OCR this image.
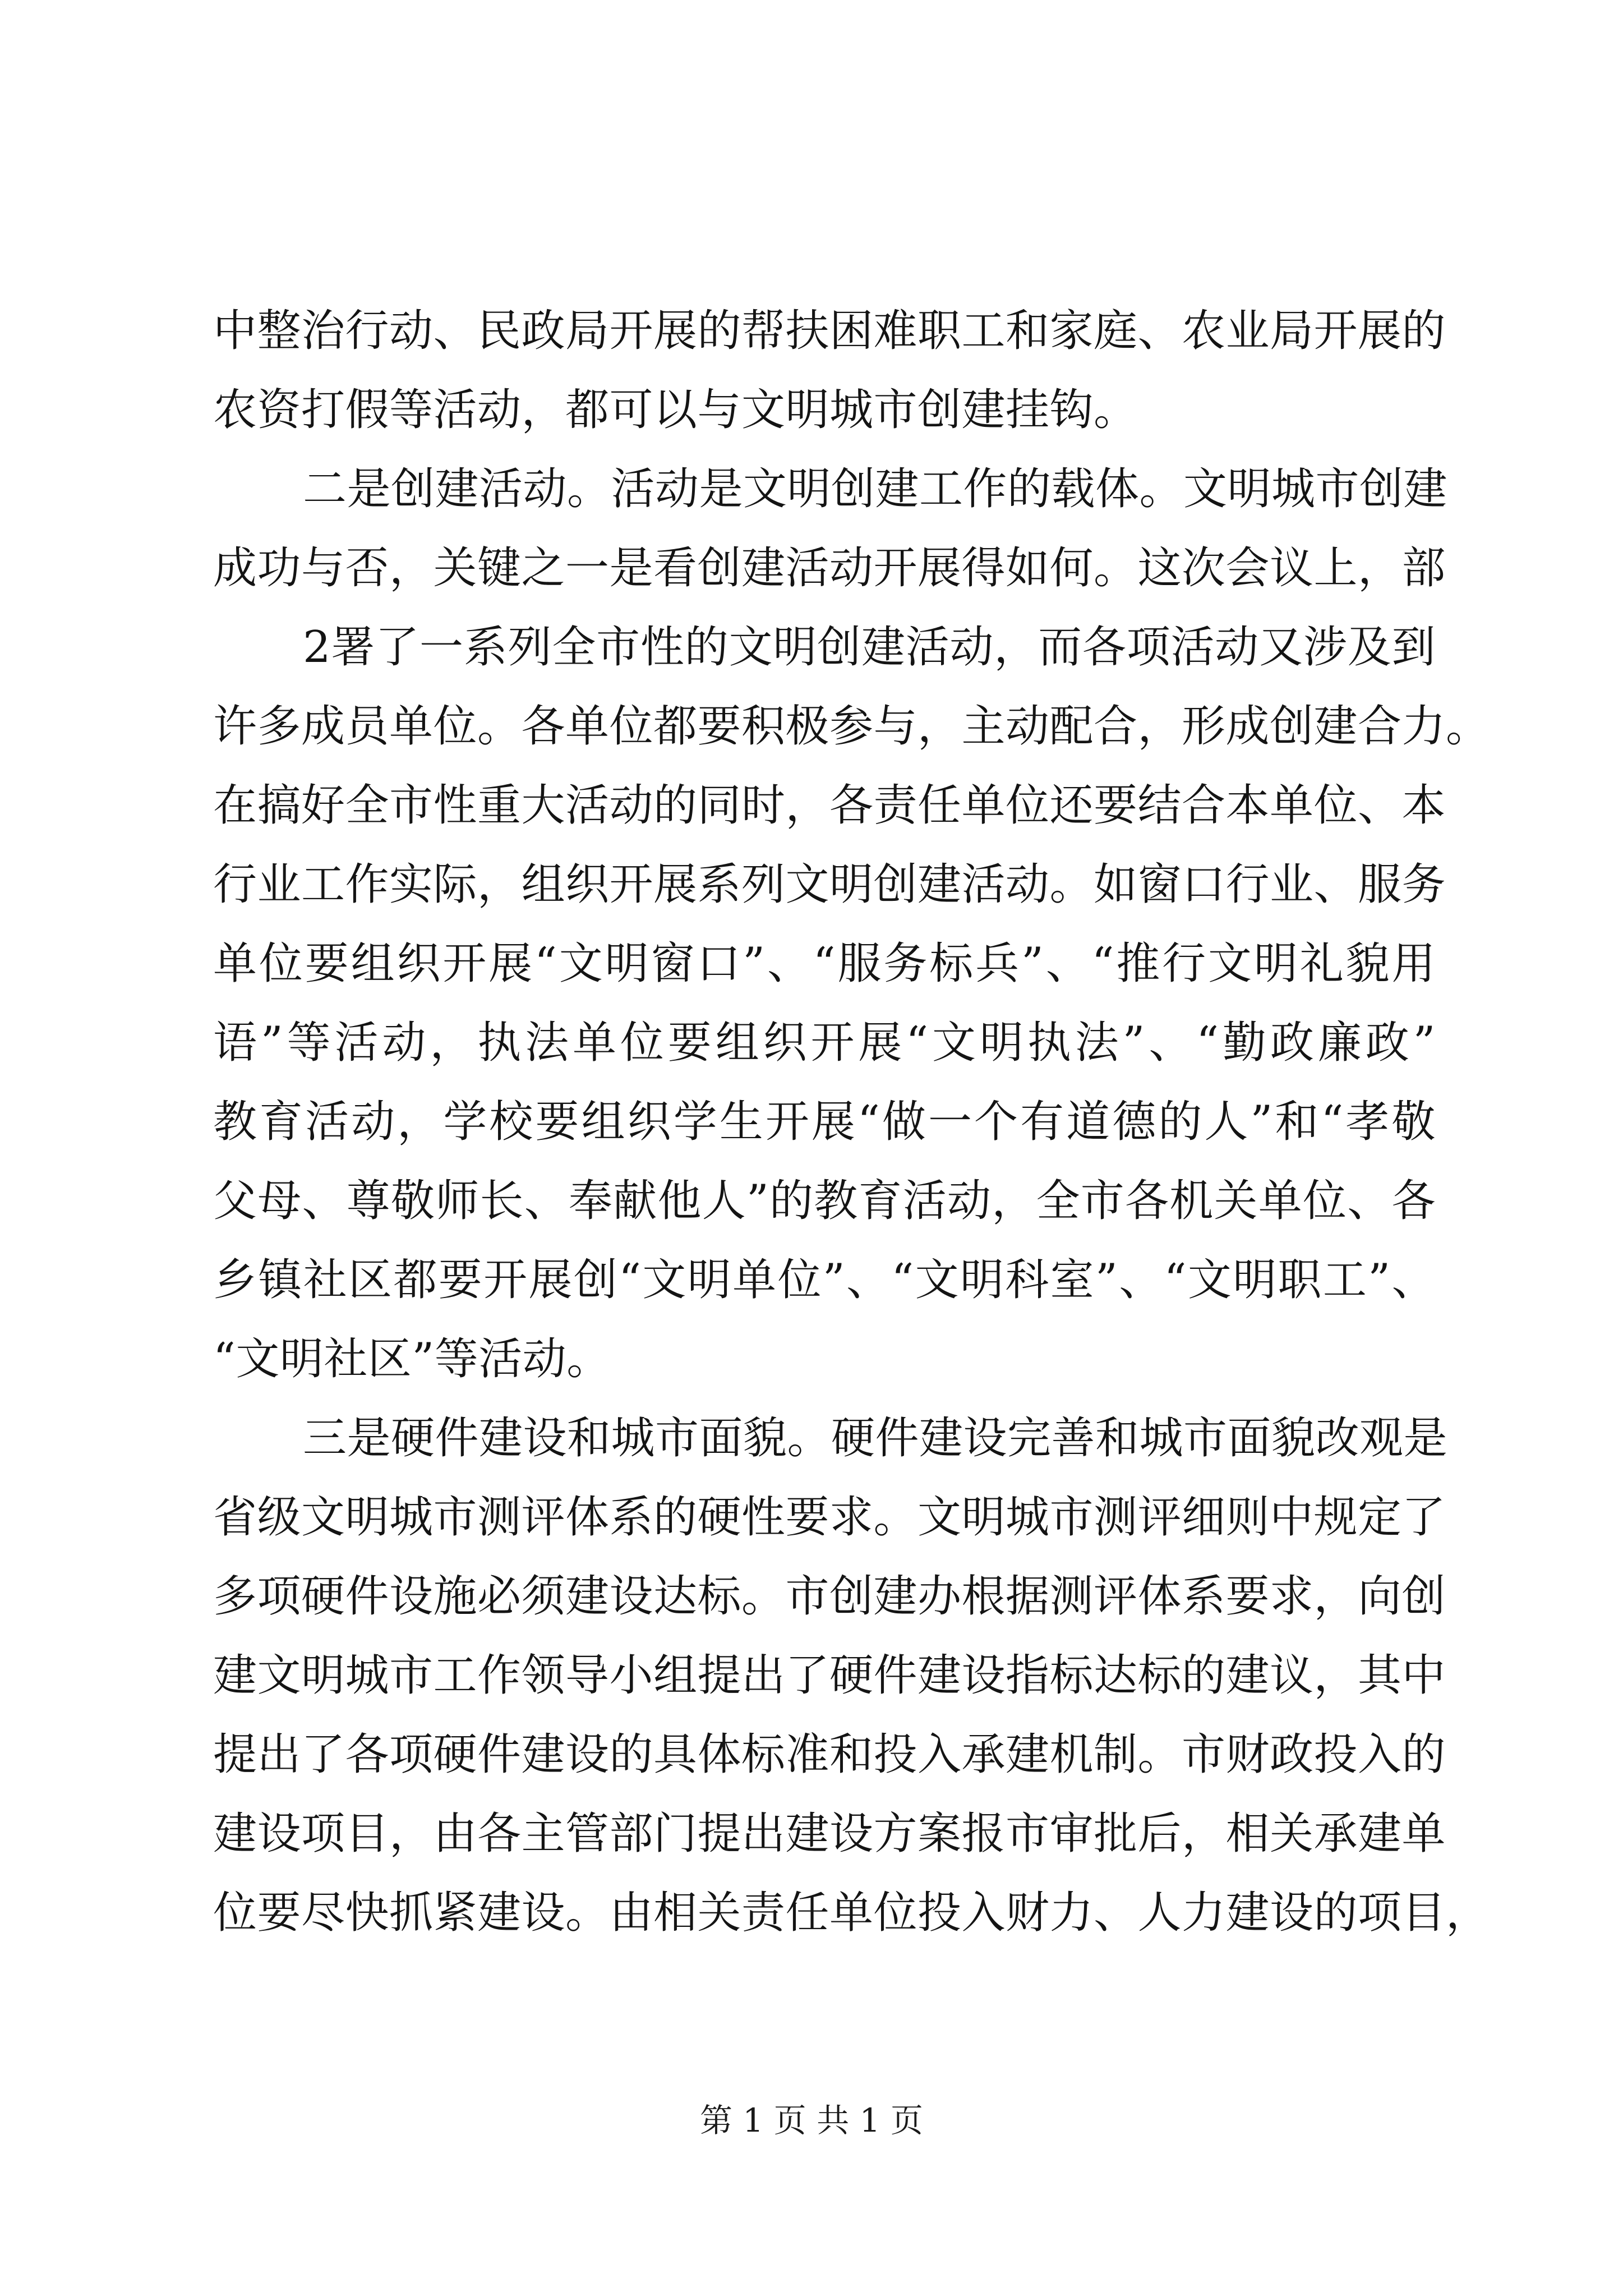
中整治行动、民政局开展的帮扶困难职工和家庭、农业局开展的
农资打假等活动，都可以与文明城市创建挂钩。
二是创建活动。活动是文明创建工作的载体。文明城市创建
成功与否，关键之一是看创建活动开展得如何。这次会议上，部
2署了一系列全市性的文明创建活动，而各项活动又涉及到
许多成员单位。各单位都要积极参与，主动配合，形成创建合力。
在搞好全市性重大活动的同时，各责任单位还要结合本单位、本
行业工作实际，组织开展系列文明创建活动。如窗口行业、服务
单位要组织开展“文明窗口”、“服务标兵”、“推行文明礼貌用
语”等活动，执法单位要组织开展“文明执法”、“勤政廉政”
教育活动，学校要组织学生开展“做一个有道德的人”和“孝敬
父母、尊敬师长、奉献他人”的教育活动，全市各机关单位、各
乡镇社区都要开展创“文明单位”、“文明科室”、“文明职工”、
“文明社区”等活动。
三是硬件建设和城市面貌。硬件建设完善和城市面貌改观是
省级文明城市测评体系的硬性要求。文明城市测评细则中规定了
多项硬件设施必须建设达标。市创建办根据测评体系要求，向创
建文明城市工作领导小组提出了硬件建设指标达标的建议，其中
提出了各项硬件建设的具体标准和投入承建机制。市财政投入的
建设项目，由各主管部门提出建设方案报市审批后，相关承建单
位要尽快抓紧建设。由相关责任单位投入财力、人力建设的项目，
第 1 页 共 1 页
